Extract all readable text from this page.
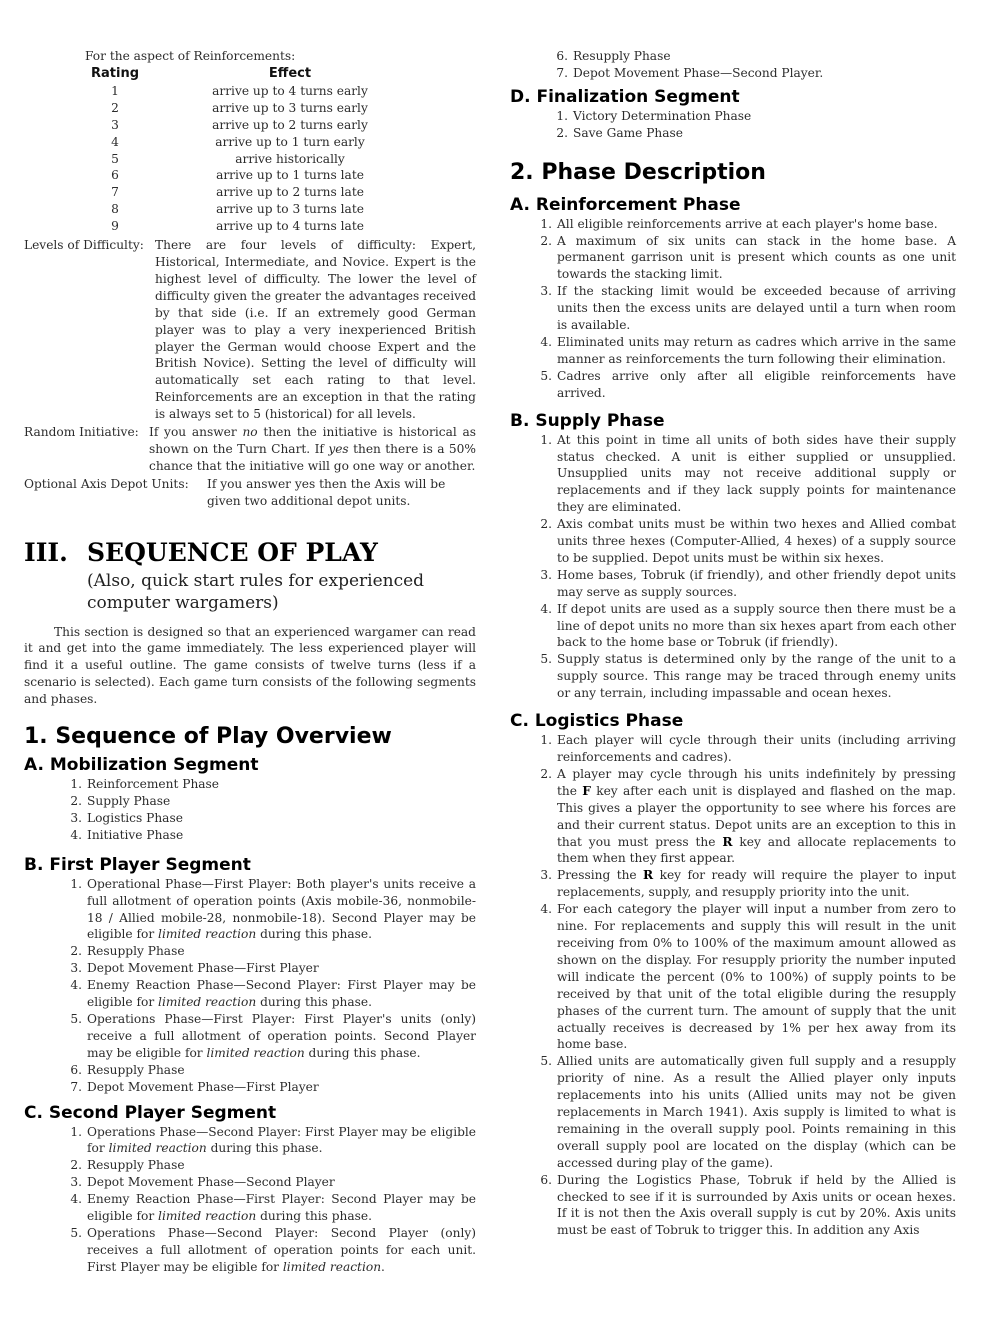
For the aspect of Reinforcements:
Rating	Effect
1	arrive up to 4 turns early
2	arrive up to 3 turns early
3	arrive up to 2 turns early
4	arrive up to 1 turn early
5	arrive historically
6	arrive up to 1 turns late
7	arrive up to 2 turns late
8	arrive up to 3 turns late
9	arrive up to 4 turns late
Levels of Difficulty: There are four levels of difficulty: Expert, Historical, Intermediate, and Novice. Expert is the highest level of difficulty. The lower the level of difficulty given the greater the advantages received by that side (i.e. If an extremely good German player was to play a very inexperienced British player the German would choose Expert and the British Novice). Setting the level of difficulty will automatically set each rating to that level. Reinforcements are an exception in that the rating is always set to 5 (historical) for all levels.
Random Initiative: If you answer no then the initiative is historical as shown on the Turn Chart. If yes then there is a 50% chance that the initiative will go one way or another.
Optional Axis Depot Units:	If you answer yes then the Axis will be given two additional depot units.
III. SEQUENCE OF PLAY
(Also, quick start rules for experienced computer wargamers)
This section is designed so that an experienced wargamer can read it and get into the game immediately. The less experienced player will find it a useful outline. The game consists of twelve turns (less if a scenario is selected). Each game turn consists of the following segments and phases.
1. Sequence of Play Overview
A. Mobilization Segment
1. Reinforcement Phase
2. Supply Phase
3. Logistics Phase
4. Initiative Phase
B. First Player Segment
1. Operational Phase—First Player: Both player's units receive a full allotment of operation points (Axis mobile-36, nonmobile-18 / Allied mobile-28, nonmobile-18). Second Player may be eligible for limited reaction during this phase.
2. Resupply Phase
3. Depot Movement Phase—First Player
4. Enemy Reaction Phase—Second Player: First Player may be eligible for limited reaction during this phase.
5. Operations Phase—First Player: First Player's units (only) receive a full allotment of operation points. Second Player may be eligible for limited reaction during this phase.
6. Resupply Phase
7. Depot Movement Phase—First Player
C. Second Player Segment
1. Operations Phase—Second Player: First Player may be eligible for limited reaction during this phase.
2. Resupply Phase
3. Depot Movement Phase—Second Player
4. Enemy Reaction Phase—First Player: Second Player may be eligible for limited reaction during this phase.
5. Operations Phase—Second Player: Second Player (only) receives a full allotment of operation points for each unit. First Player may be eligible for limited reaction.
6. Resupply Phase
7. Depot Movement Phase—Second Player.
D. Finalization Segment
1. Victory Determination Phase
2. Save Game Phase
2. Phase Description
A. Reinforcement Phase
1. All eligible reinforcements arrive at each player's home base.
2. A maximum of six units can stack in the home base. A permanent garrison unit is present which counts as one unit towards the stacking limit.
3. If the stacking limit would be exceeded because of arriving units then the excess units are delayed until a turn when room is available.
4. Eliminated units may return as cadres which arrive in the same manner as reinforcements the turn following their elimination.
5. Cadres arrive only after all eligible reinforcements have arrived.
B. Supply Phase
1. At this point in time all units of both sides have their supply status checked. A unit is either supplied or unsupplied. Unsupplied units may not receive additional supply or replacements and if they lack supply points for maintenance they are eliminated.
2. Axis combat units must be within two hexes and Allied combat units three hexes (Computer-Allied, 4 hexes) of a supply source to be supplied. Depot units must be within six hexes.
3. Home bases, Tobruk (if friendly), and other friendly depot units may serve as supply sources.
4. If depot units are used as a supply source then there must be a line of depot units no more than six hexes apart from each other back to the home base or Tobruk (if friendly).
5. Supply status is determined only by the range of the unit to a supply source. This range may be traced through enemy units or any terrain, including impassable and ocean hexes.
C. Logistics Phase
1. Each player will cycle through their units (including arriving reinforcements and cadres).
2. A player may cycle through his units indefinitely by pressing the F key after each unit is displayed and flashed on the map. This gives a player the opportunity to see where his forces are and their current status. Depot units are an exception to this in that you must press the R key and allocate replacements to them when they first appear.
3. Pressing the R key for ready will require the player to input replacements, supply, and resupply priority into the unit.
4. For each category the player will input a number from zero to nine. For replacements and supply this will result in the unit receiving from 0% to 100% of the maximum amount allowed as shown on the display. For resupply priority the number inputed will indicate the percent (0% to 100%) of supply points to be received by that unit of the total eligible during the resupply phases of the current turn. The amount of supply that the unit actually receives is decreased by 1% per hex away from its home base.
5. Allied units are automatically given full supply and a resupply priority of nine. As a result the Allied player only inputs replacements into his units (Allied units may not be given replacements in March 1941). Axis supply is limited to what is remaining in the overall supply pool. Points remaining in this overall supply pool are located on the display (which can be accessed during play of the game).
6. During the Logistics Phase, Tobruk if held by the Allied is checked to see if it is surrounded by Axis units or ocean hexes. If it is not then the Axis overall supply is cut by 20%. Axis units must be east of Tobruk to trigger this. In addition any Axis
